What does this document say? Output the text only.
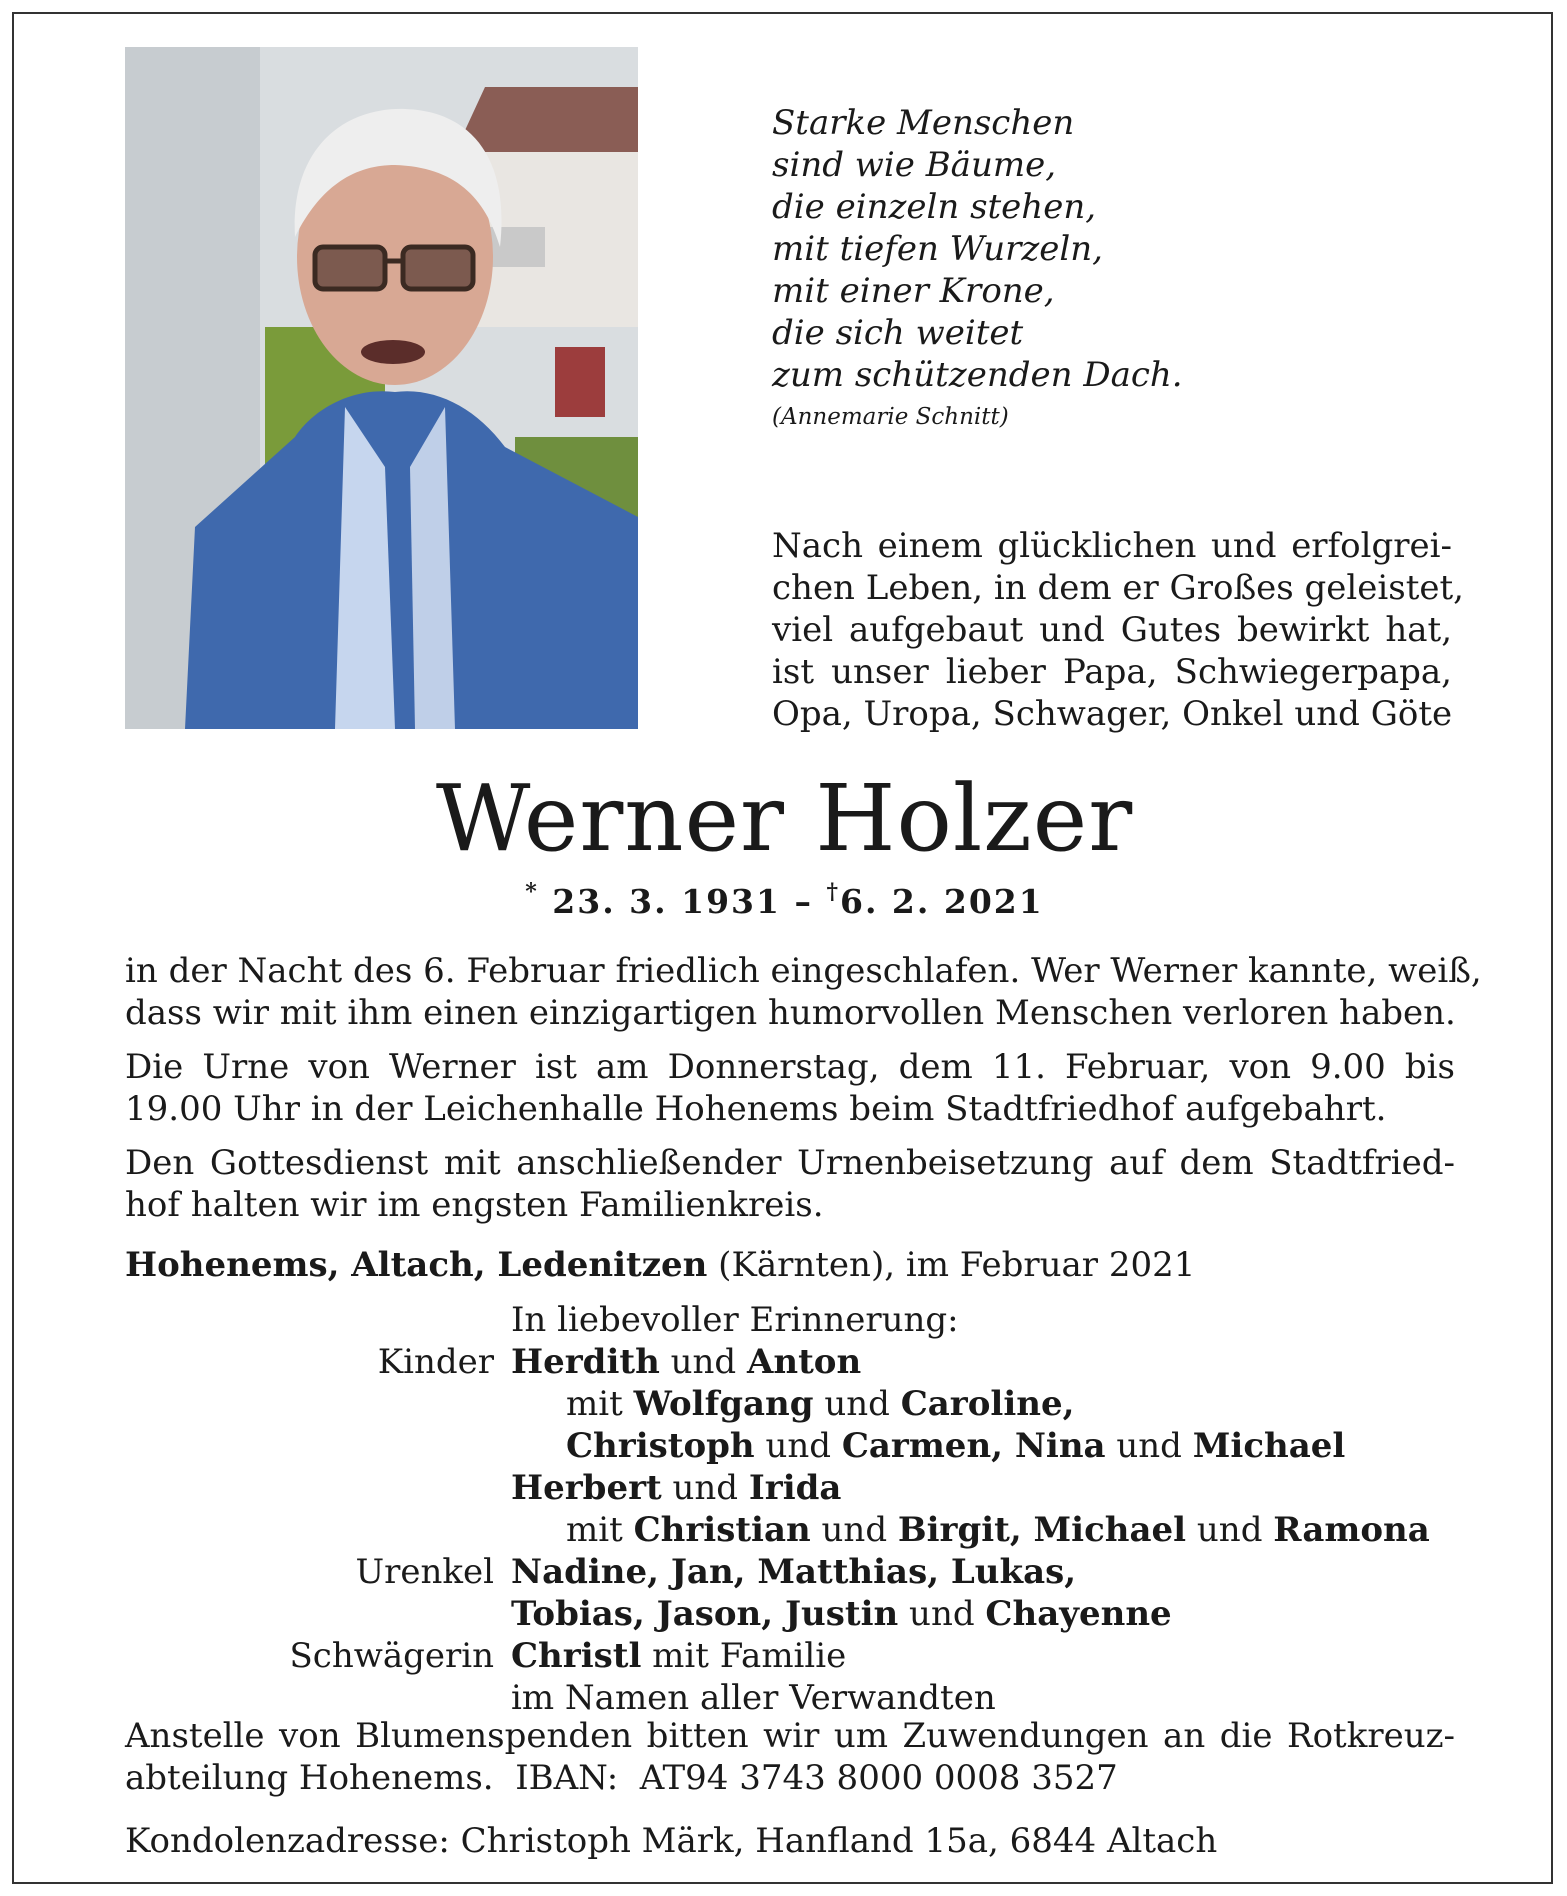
Starke Menschen
sind wie Bäume,
die einzeln stehen,
mit tiefen Wurzeln,
mit einer Krone,
die sich weitet
zum schützenden Dach.
(Annemarie Schnitt)
Nach einem glücklichen und erfolgrei-
chen Leben, in dem er Großes geleistet,
viel aufgebaut und Gutes bewirkt hat,
ist unser lieber Papa, Schwiegerpapa,
Opa, Uropa, Schwager, Onkel und Göte
Werner Holzer
* 23. 3. 1931 – †6. 2. 2021
in der Nacht des 6. Februar friedlich eingeschlafen. Wer Werner kannte, weiß,
dass wir mit ihm einen einzigartigen humorvollen Menschen verloren haben.
Die Urne von Werner ist am Donnerstag, dem 11. Februar, von 9.00 bis
19.00 Uhr in der Leichenhalle Hohenems beim Stadtfriedhof aufgebahrt.
Den Gottesdienst mit anschließender Urnenbeisetzung auf dem Stadtfried-
hof halten wir im engsten Familienkreis.
Hohenems, Altach, Ledenitzen (Kärnten), im Februar 2021
In liebevoller Erinnerung:
Kinder Herdith und Anton
mit Wolfgang und Caroline,
Christoph und Carmen, Nina und Michael
Herbert und Irida
mit Christian und Birgit, Michael und Ramona
Urenkel Nadine, Jan, Matthias, Lukas,
Tobias, Jason, Justin und Chayenne
Schwägerin Christl mit Familie
im Namen aller Verwandten
Anstelle von Blumenspenden bitten wir um Zuwendungen an die Rotkreuz-
abteilung Hohenems.  IBAN:  AT94 3743 8000 0008 3527
Kondolenzadresse: Christoph Märk, Hanfland 15a, 6844 Altach
